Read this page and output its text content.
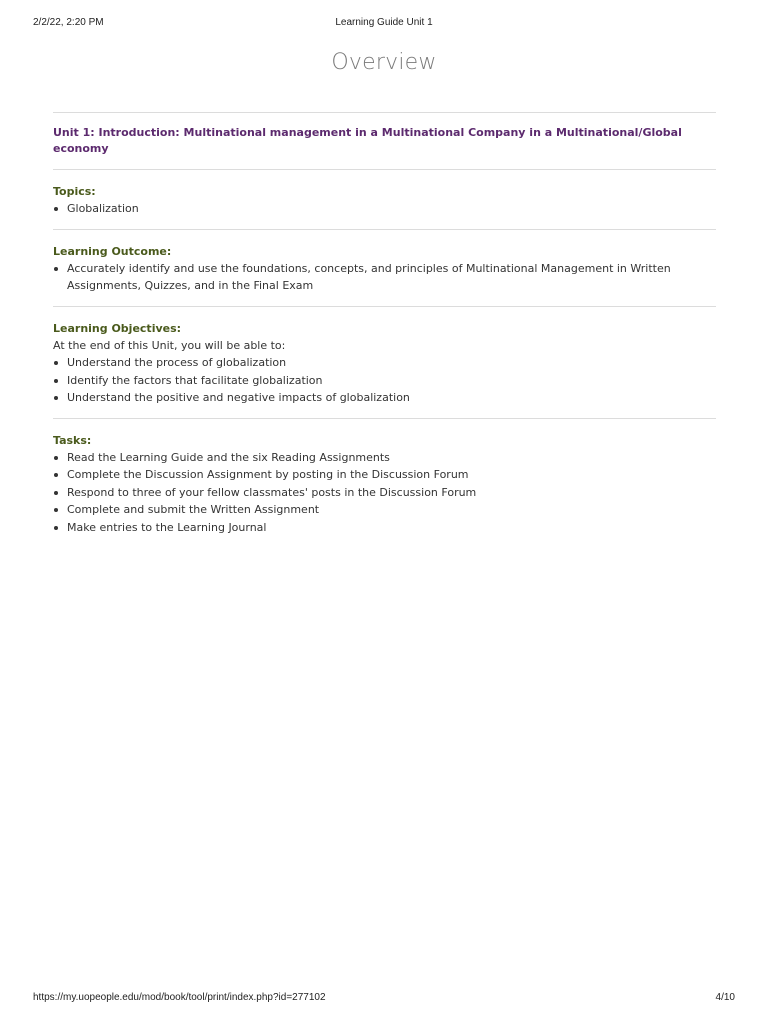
2/2/22, 2:20 PM	Learning Guide Unit 1
Overview
Unit 1: Introduction: Multinational management in a Multinational Company in a Multinational/Global economy
Topics:
Globalization
Learning Outcome:
Accurately identify and use the foundations, concepts, and principles of Multinational Management in Written Assignments, Quizzes, and in the Final Exam
Learning Objectives:
At the end of this Unit, you will be able to:
Understand the process of globalization
Identify the factors that facilitate globalization
Understand the positive and negative impacts of globalization
Tasks:
Read the Learning Guide and the six Reading Assignments
Complete the Discussion Assignment by posting in the Discussion Forum
Respond to three of your fellow classmates' posts in the Discussion Forum
Complete and submit the Written Assignment
Make entries to the Learning Journal
https://my.uopeople.edu/mod/book/tool/print/index.php?id=277102	4/10
